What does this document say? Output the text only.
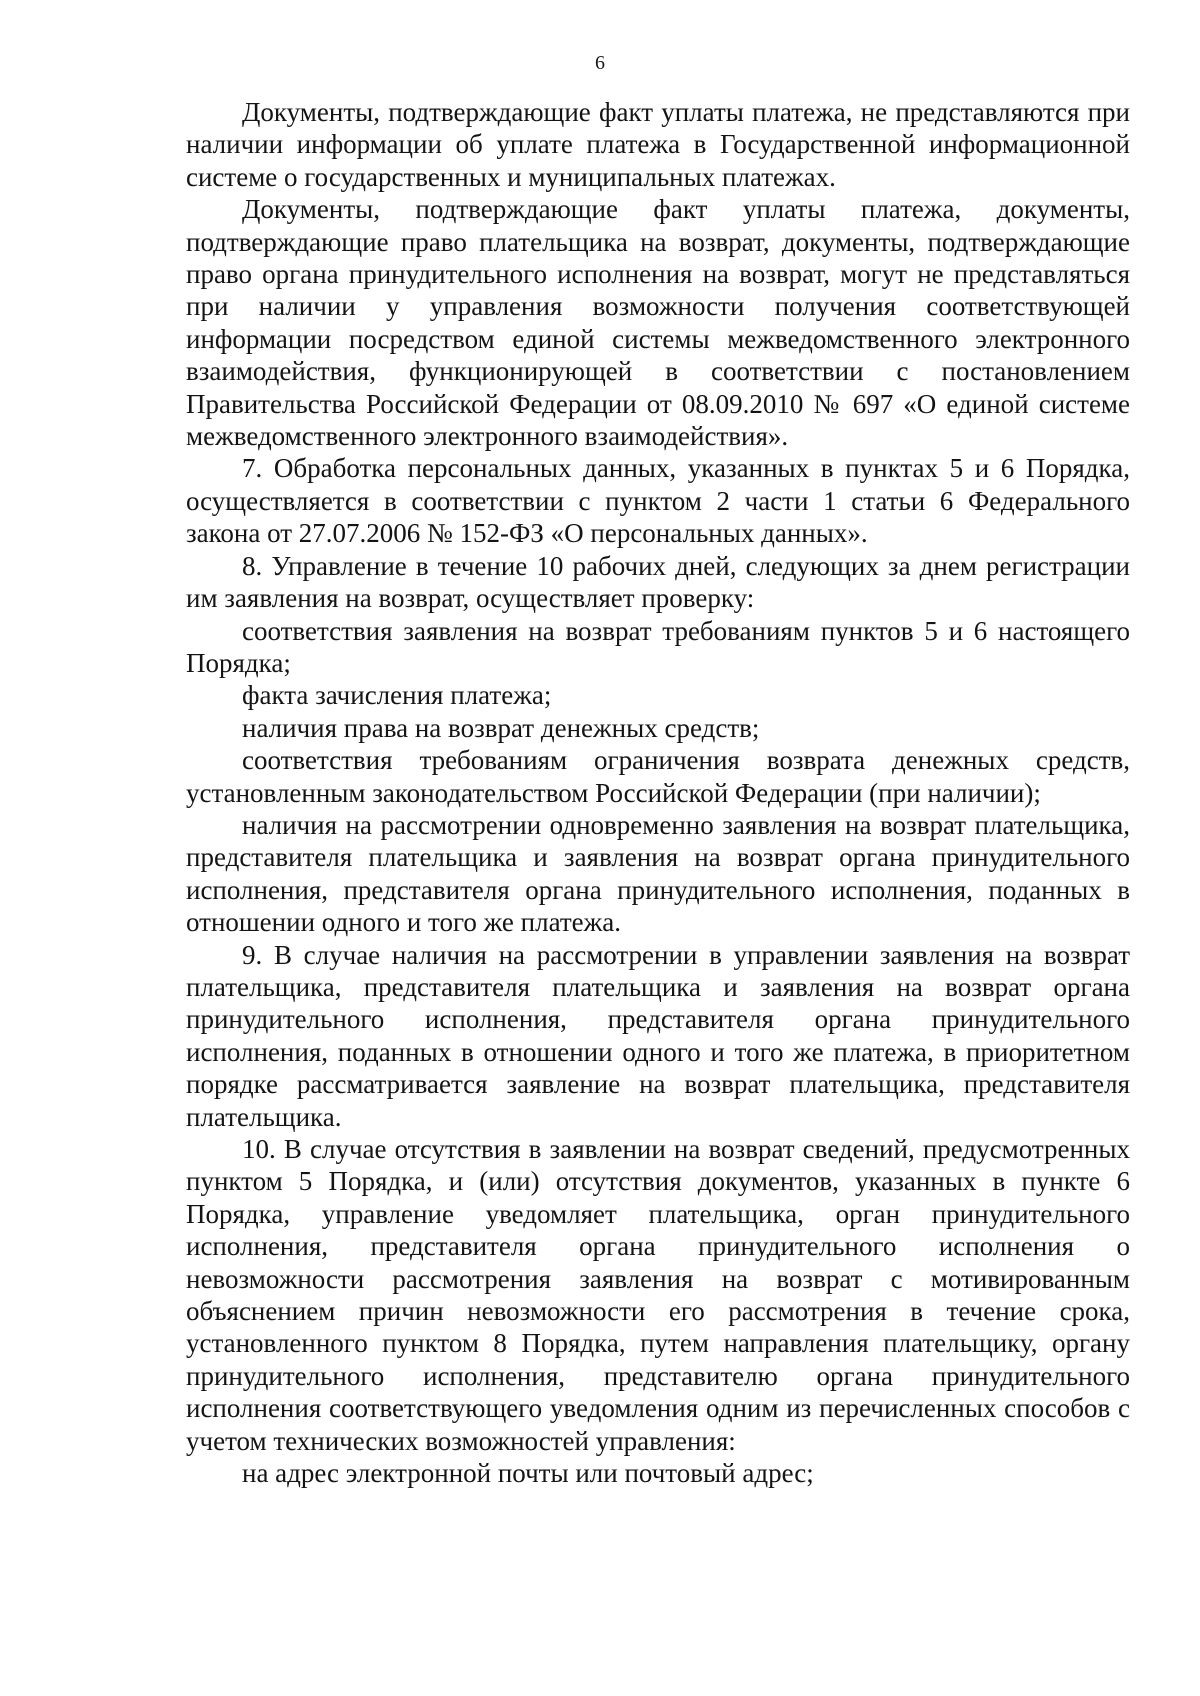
6

Документы, подтверждающие факт уплаты платежа, не представляются при наличии информации об уплате платежа в Государственной информационной системе о государственных и муниципальных платежах.

Документы, подтверждающие факт уплаты платежа, документы, подтверждающие право плательщика на возврат, документы, подтверждающие право органа принудительного исполнения на возврат, могут не представляться при наличии у управления возможности получения соответствующей информации посредством единой системы межведомственного электронного взаимодействия, функционирующей в соответствии с постановлением Правительства Российской Федерации от 08.09.2010 № 697 «О единой системе межведомственного электронного взаимодействия».

7. Обработка персональных данных, указанных в пунктах 5 и 6 Порядка, осуществляется в соответствии с пунктом 2 части 1 статьи 6 Федерального закона от 27.07.2006 № 152-ФЗ «О персональных данных».

8. Управление в течение 10 рабочих дней, следующих за днем регистрации им заявления на возврат, осуществляет проверку:

соответствия заявления на возврат требованиям пунктов 5 и 6 настоящего Порядка;

факта зачисления платежа;

наличия права на возврат денежных средств;

соответствия требованиям ограничения возврата денежных средств, установленным законодательством Российской Федерации (при наличии);

наличия на рассмотрении одновременно заявления на возврат плательщика, представителя плательщика и заявления на возврат органа принудительного исполнения, представителя органа принудительного исполнения, поданных в отношении одного и того же платежа.

9. В случае наличия на рассмотрении в управлении заявления на возврат плательщика, представителя плательщика и заявления на возврат органа принудительного исполнения, представителя органа принудительного исполнения, поданных в отношении одного и того же платежа, в приоритетном порядке рассматривается заявление на возврат плательщика, представителя плательщика.

10. В случае отсутствия в заявлении на возврат сведений, предусмотренных пунктом 5 Порядка, и (или) отсутствия документов, указанных в пункте 6 Порядка, управление уведомляет плательщика, орган принудительного исполнения, представителя органа принудительного исполнения о невозможности рассмотрения заявления на возврат с мотивированным объяснением причин невозможности его рассмотрения в течение срока, установленного пунктом 8 Порядка, путем направления плательщику, органу принудительного исполнения, представителю органа принудительного исполнения соответствующего уведомления одним из перечисленных способов с учетом технических возможностей управления:

на адрес электронной почты или почтовый адрес;
